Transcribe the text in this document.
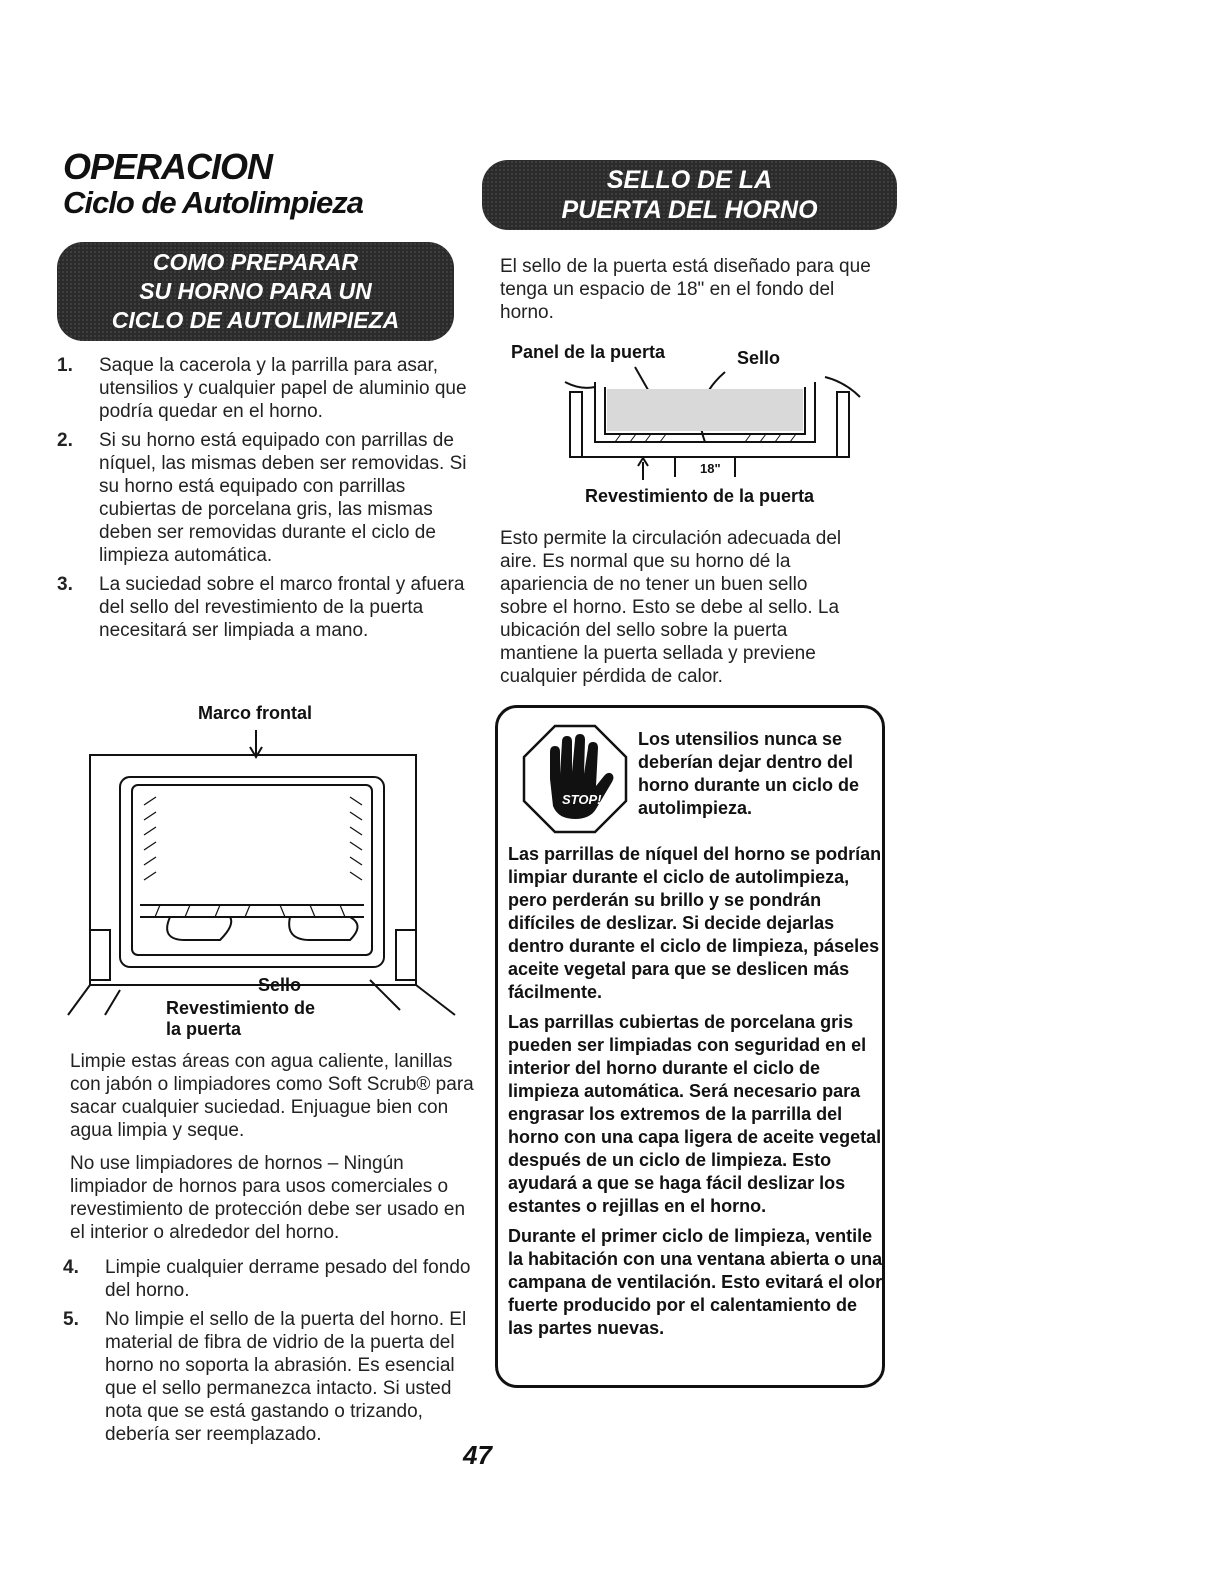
OPERACION
Ciclo de Autolimpieza
COMO PREPARAR
SU HORNO PARA UN
CICLO DE AUTOLIMPIEZA
1. Saque la cacerola y la parrilla para asar, utensilios y cualquier papel de aluminio que podría quedar en el horno.
2. Si su horno está equipado con parrillas de níquel, las mismas deben ser removidas. Si su horno está equipado con parrillas cubiertas de porcelana gris, las mismas deben ser removidas durante el ciclo de limpieza automática.
3. La suciedad sobre el marco frontal y afuera del sello del revestimiento de la puerta necesitará ser limpiada a mano.
Marco frontal
Sello
Revestimiento de
la puerta

Limpie estas áreas con agua caliente, lanillas con jabón o limpiadores como Soft Scrub® para sacar cualquier suciedad. Enjuague bien con agua limpia y seque.

No use limpiadores de hornos – Ningún limpiador de hornos para usos comerciales o revestimiento de protección debe ser usado en el interior o alrededor del horno.

4. Limpie cualquier derrame pesado del fondo del horno.
5. No limpie el sello de la puerta del horno. El material de fibra de vidrio de la puerta del horno no soporta la abrasión. Es esencial que el sello permanezca intacto. Si usted nota que se está gastando o trizando, debería ser reemplazado.
SELLO DE LA
PUERTA DEL HORNO
El sello de la puerta está diseñado para que tenga un espacio de 18" en el fondo del horno.
Panel de la puerta	Sello
18"
Revestimiento de la puerta
Esto permite la circulación adecuada del aire. Es normal que su horno dé la apariencia de no tener un buen sello sobre el horno. Esto se debe al sello. La ubicación del sello sobre la puerta mantiene la puerta sellada y previene cualquier pérdida de calor.
STOP!
Los utensilios nunca se deberían dejar dentro del horno durante un ciclo de autolimpieza.

Las parrillas de níquel del horno se podrían limpiar durante el ciclo de autolimpieza, pero perderán su brillo y se pondrán difíciles de deslizar. Si decide dejarlas dentro durante el ciclo de limpieza, páseles aceite vegetal para que se deslicen más fácilmente.

Las parrillas cubiertas de porcelana gris pueden ser limpiadas con seguridad en el interior del horno durante el ciclo de limpieza automática. Será necesario para engrasar los extremos de la parrilla del horno con una capa ligera de aceite vegetal después de un ciclo de limpieza. Esto ayudará a que se haga fácil deslizar los estantes o rejillas en el horno.

Durante el primer ciclo de limpieza, ventile la habitación con una ventana abierta o una campana de ventilación. Esto evitará el olor fuerte producido por el calentamiento de las partes nuevas.

47
